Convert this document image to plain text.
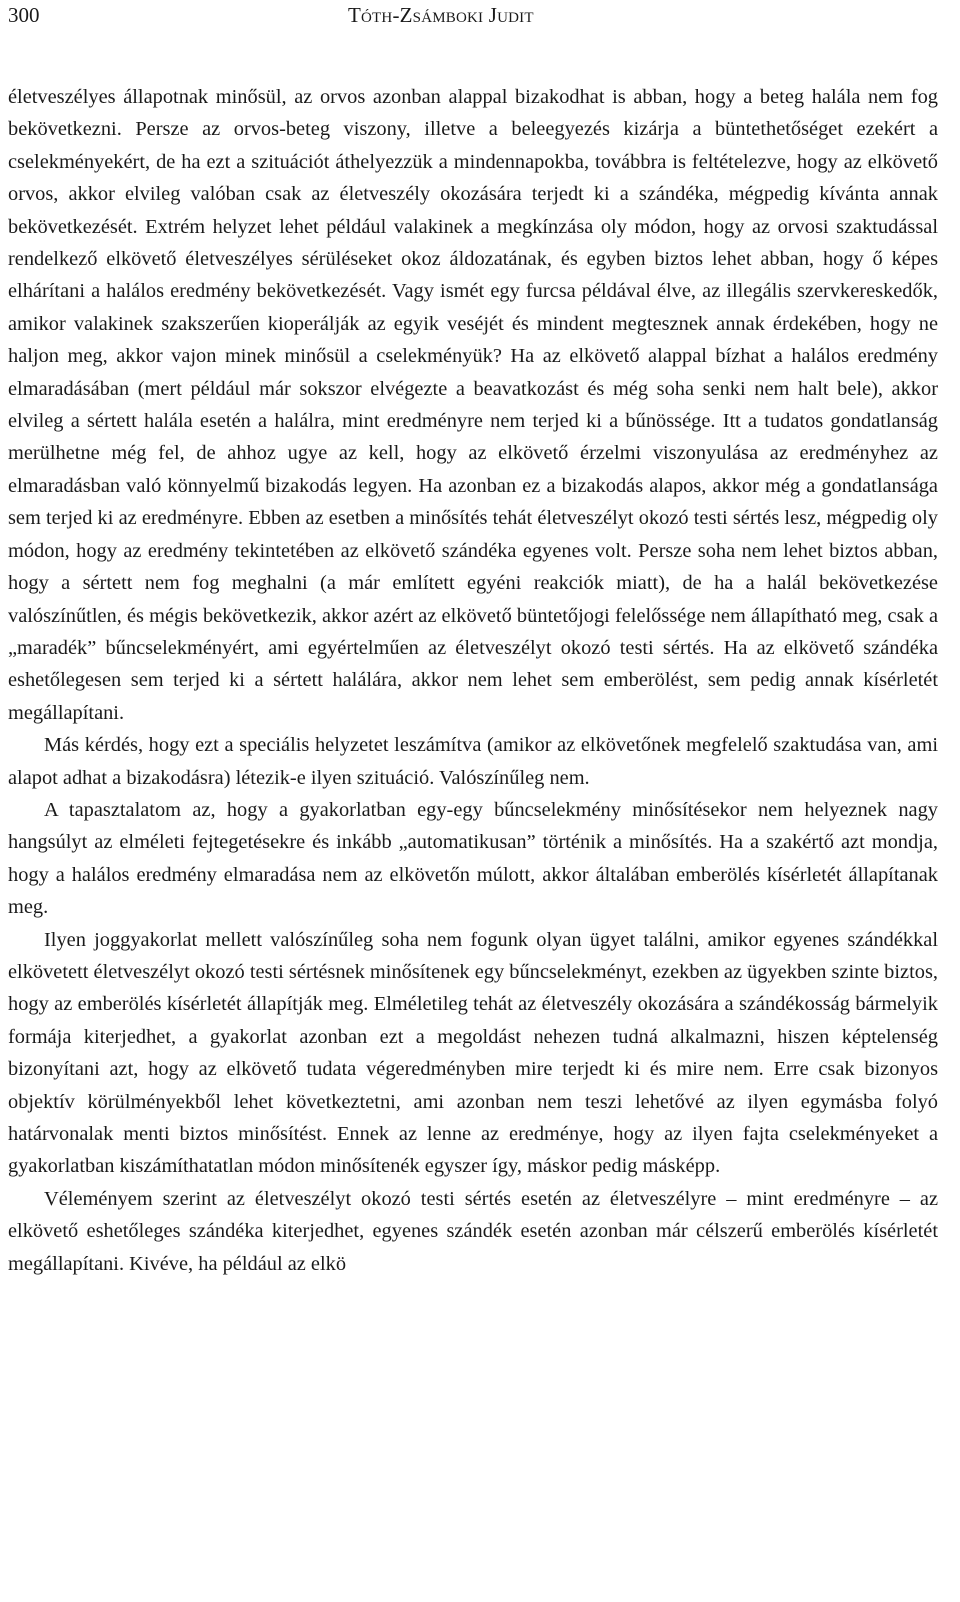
300	Tóth-Zsámboki Judit

életveszélyes állapotnak minősül, az orvos azonban alappal bizakodhat is abban, hogy a beteg halála nem fog bekövetkezni. Persze az orvos-beteg viszony, illetve a beleegyezés kizárja a büntethetőséget ezekért a cselekményekért, de ha ezt a szituációt áthelyezzük a mindennapokba, továbbra is feltételezve, hogy az elkövető orvos, akkor elvileg valóban csak az életveszély okozására terjedt ki a szándéka, mégpedig kívánta annak bekövetkezését. Extrém helyzet lehet például valakinek a megkínzása oly módon, hogy az orvosi szaktudással rendelkező elkövető életveszélyes sérüléseket okoz áldozatának, és egyben biztos lehet abban, hogy ő képes elhárítani a halálos eredmény bekövetkezését. Vagy ismét egy furcsa példával élve, az illegális szervkereskedők, amikor valakinek szakszerűen kioperálják az egyik veséjét és mindent megtesznek annak érdekében, hogy ne haljon meg, akkor vajon minek minősül a cselekményük? Ha az elkövető alappal bízhat a halálos eredmény elmaradásában (mert például már sokszor elvégezte a beavatkozást és még soha senki nem halt bele), akkor elvileg a sértett halála esetén a halálra, mint eredményre nem terjed ki a bűnössége. Itt a tudatos gondatlanság merülhetne még fel, de ahhoz ugye az kell, hogy az elkövető érzelmi viszonyulása az eredményhez az elmaradásban való könnyelmű bizakodás legyen. Ha azonban ez a bizakodás alapos, akkor még a gondatlansága sem terjed ki az eredményre. Ebben az esetben a minősítés tehát életveszélyt okozó testi sértés lesz, mégpedig oly módon, hogy az eredmény tekintetében az elkövető szándéka egyenes volt. Persze soha nem lehet biztos abban, hogy a sértett nem fog meghalni (a már említett egyéni reakciók miatt), de ha a halál bekövetkezése valószínűtlen, és mégis bekövetkezik, akkor azért az elkövető büntetőjogi felelőssége nem állapítható meg, csak a „maradék” bűncselekményért, ami egyértelműen az életveszélyt okozó testi sértés. Ha az elkövető szándéka eshetőlegesen sem terjed ki a sértett halálára, akkor nem lehet sem emberölést, sem pedig annak kísérletét megállapítani.

Más kérdés, hogy ezt a speciális helyzetet leszámítva (amikor az elkövetőnek megfelelő szaktudása van, ami alapot adhat a bizakodásra) létezik-e ilyen szituáció. Valószínűleg nem.

A tapasztalatom az, hogy a gyakorlatban egy-egy bűncselekmény minősítésekor nem helyeznek nagy hangsúlyt az elméleti fejtegetésekre és inkább „automatikusan” történik a minősítés. Ha a szakértő azt mondja, hogy a halálos eredmény elmaradása nem az elkövetőn múlott, akkor általában emberölés kísérletét állapítanak meg.

Ilyen joggyakorlat mellett valószínűleg soha nem fogunk olyan ügyet találni, amikor egyenes szándékkal elkövetett életveszélyt okozó testi sértésnek minősítenek egy bűncselekményt, ezekben az ügyekben szinte biztos, hogy az emberölés kísérletét állapítják meg. Elméletileg tehát az életveszély okozására a szándékosság bármelyik formája kiterjedhet, a gyakorlat azonban ezt a megoldást nehezen tudná alkalmazni, hiszen képtelenség bizonyítani azt, hogy az elkövető tudata végeredményben mire terjedt ki és mire nem. Erre csak bizonyos objektív körülményekből lehet következtetni, ami azonban nem teszi lehetővé az ilyen egymásba folyó határvonalak menti biztos minősítést. Ennek az lenne az eredménye, hogy az ilyen fajta cselekményeket a gyakorlatban kiszámíthatatlan módon minősítenék egyszer így, máskor pedig másképp.

Véleményem szerint az életveszélyt okozó testi sértés esetén az életveszélyre – mint eredményre – az elkövető eshetőleges szándéka kiterjedhet, egyenes szándék esetén azonban már célszerű emberölés kísérletét megállapítani. Kivéve, ha például az elkö
